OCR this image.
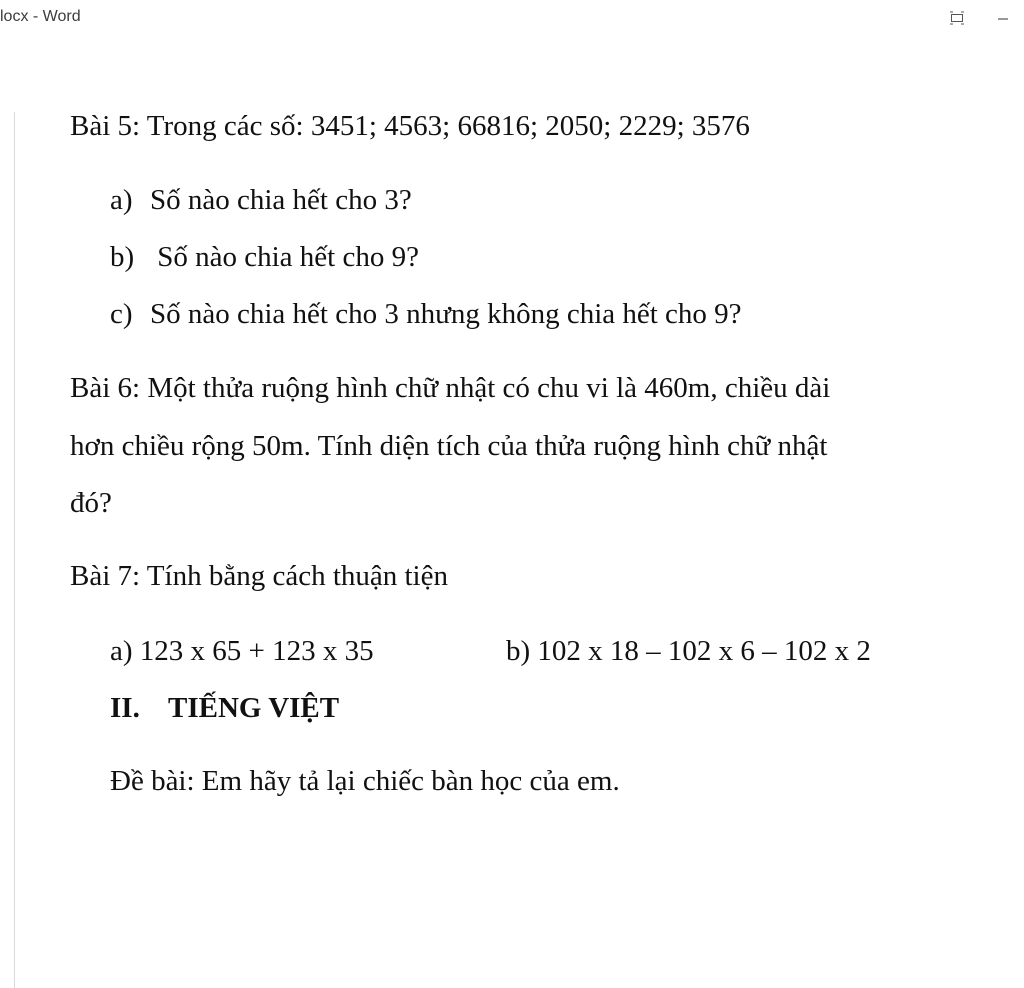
locx - Word
Bài 5: Trong các số: 3451; 4563; 66816; 2050; 2229; 3576
a) Số nào chia hết cho 3?
b) Số nào chia hết cho 9?
c) Số nào chia hết cho 3 nhưng không chia hết cho 9?
Bài 6: Một thửa ruộng hình chữ nhật có chu vi là 460m, chiều dài
hơn chiều rộng 50m. Tính diện tích của thửa ruộng hình chữ nhật
đó?
Bài 7: Tính bằng cách thuận tiện
a) 123 x 65 + 123 x 35	b) 102 x 18 – 102 x 6 – 102 x 2
II. TIẾNG VIỆT
Đề bài: Em hãy tả lại chiếc bàn học của em.
